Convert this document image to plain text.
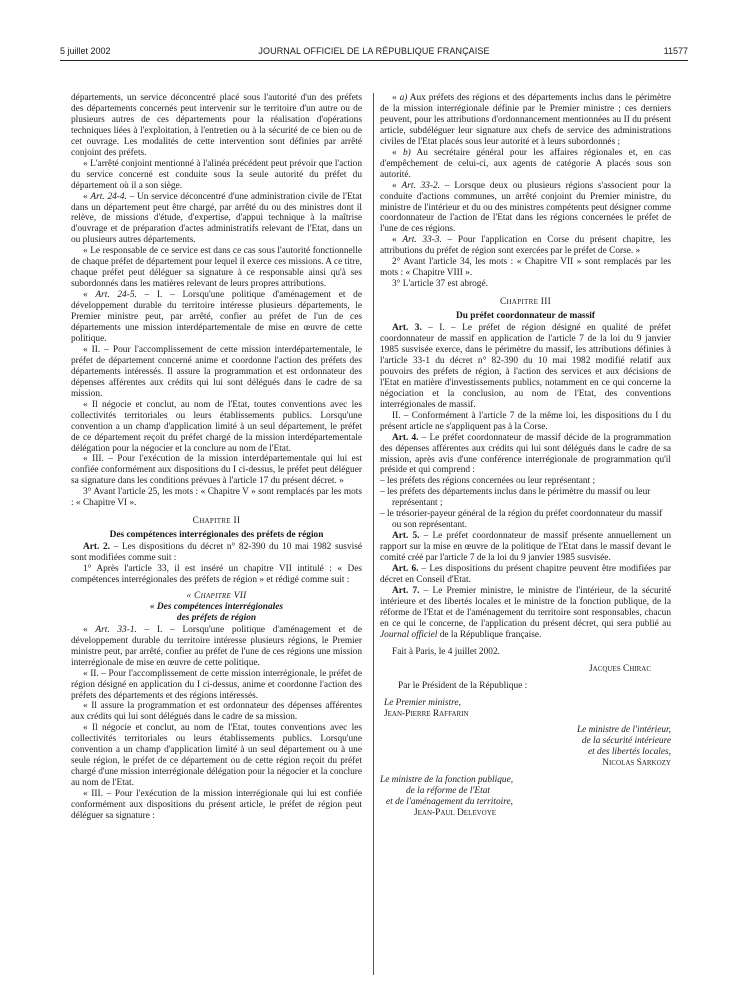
5 juillet 2002	JOURNAL OFFICIEL DE LA RÉPUBLIQUE FRANÇAISE	11577

départements, un service déconcentré placé sous l'autorité d'un des préfets des départements concernés peut intervenir sur le territoire d'un autre ou de plusieurs autres de ces départements pour la réalisation d'opérations techniques liées à l'exploitation, à l'entretien ou à la sécurité de ce bien ou de cet ouvrage. Les modalités de cette intervention sont définies par arrêté conjoint des préfets.

« L'arrêté conjoint mentionné à l'alinéa précédent peut prévoir que l'action du service concerné est conduite sous la seule autorité du préfet du département où il a son siège.

« Art. 24-4. – Un service déconcentré d'une administration civile de l'Etat dans un département peut être chargé, par arrêté du ou des ministres dont il relève, de missions d'étude, d'expertise, d'appui technique à la maîtrise d'ouvrage et de préparation d'actes administratifs relevant de l'Etat, dans un ou plusieurs autres départements.

« Le responsable de ce service est dans ce cas sous l'autorité fonctionnelle de chaque préfet de département pour lequel il exerce ces missions. A ce titre, chaque préfet peut déléguer sa signature à ce responsable ainsi qu'à ses subordonnés dans les matières relevant de leurs propres attributions.

« Art. 24-5. – I. – Lorsqu'une politique d'aménagement et de développement durable du territoire intéresse plusieurs départements, le Premier ministre peut, par arrêté, confier au préfet de l'un de ces départements une mission interdépartementale de mise en œuvre de cette politique.

« II. – Pour l'accomplissement de cette mission interdépartementale, le préfet de département concerné anime et coordonne l'action des préfets des départements intéressés. Il assure la programmation et est ordonnateur des dépenses afférentes aux crédits qui lui sont délégués dans le cadre de sa mission.

« Il négocie et conclut, au nom de l'Etat, toutes conventions avec les collectivités territoriales ou leurs établissements publics. Lorsqu'une convention a un champ d'application limité à un seul département, le préfet de ce département reçoit du préfet chargé de la mission interdépartementale délégation pour la négocier et la conclure au nom de l'Etat.

« III. – Pour l'exécution de la mission interdépartementale qui lui est confiée conformément aux dispositions du I ci-dessus, le préfet peut déléguer sa signature dans les conditions prévues à l'article 17 du présent décret. »

3° Avant l'article 25, les mots : « Chapitre V » sont remplacés par les mots : « Chapitre VI ».

Chapitre II
Des compétences interrégionales des préfets de région

Art. 2. – Les dispositions du décret n° 82-390 du 10 mai 1982 susvisé sont modifiées comme suit :

1° Après l'article 33, il est inséré un chapitre VII intitulé : « Des compétences interrégionales des préfets de région » et rédigé comme suit :

« Chapitre VII
« Des compétences interrégionales
des préfets de région

« Art. 33-1. – I. – Lorsqu'une politique d'aménagement et de développement durable du territoire intéresse plusieurs régions, le Premier ministre peut, par arrêté, confier au préfet de l'une de ces régions une mission interrégionale de mise en œuvre de cette politique.

« II. – Pour l'accomplissement de cette mission interrégionale, le préfet de région désigné en application du I ci-dessus, anime et coordonne l'action des préfets des départements et des régions intéressés.

« Il assure la programmation et est ordonnateur des dépenses afférentes aux crédits qui lui sont délégués dans le cadre de sa mission.

« Il négocie et conclut, au nom de l'Etat, toutes conventions avec les collectivités territoriales ou leurs établissements publics. Lorsqu'une convention a un champ d'application limité à un seul département ou à une seule région, le préfet de ce département ou de cette région reçoit du préfet chargé d'une mission interrégionale délégation pour la négocier et la conclure au nom de l'Etat.

« III. – Pour l'exécution de la mission interrégionale qui lui est confiée conformément aux dispositions du présent article, le préfet de région peut déléguer sa signature :

« a) Aux préfets des régions et des départements inclus dans le périmètre de la mission interrégionale définie par le Premier ministre ; ces derniers peuvent, pour les attributions d'ordonnancement mentionnées au II du présent article, subdéléguer leur signature aux chefs de service des administrations civiles de l'Etat placés sous leur autorité et à leurs subordonnés ;

« b) Au secrétaire général pour les affaires régionales et, en cas d'empêchement de celui-ci, aux agents de catégorie A placés sous son autorité.

« Art. 33-2. – Lorsque deux ou plusieurs régions s'associent pour la conduite d'actions communes, un arrêté conjoint du Premier ministre, du ministre de l'intérieur et du ou des ministres compétents peut désigner comme coordonnateur de l'action de l'Etat dans les régions concernées le préfet de l'une de ces régions.

« Art. 33-3. – Pour l'application en Corse du présent chapitre, les attributions du préfet de région sont exercées par le préfet de Corse. »

2° Avant l'article 34, les mots : « Chapitre VII » sont remplacés par les mots : « Chapitre VIII ».

3° L'article 37 est abrogé.

Chapitre III
Du préfet coordonnateur de massif

Art. 3. – I. – Le préfet de région désigné en qualité de préfet coordonnateur de massif en application de l'article 7 de la loi du 9 janvier 1985 susvisée exerce, dans le périmètre du massif, les attributions définies à l'article 33-1 du décret n° 82-390 du 10 mai 1982 modifié relatif aux pouvoirs des préfets de région, à l'action des services et aux décisions de l'Etat en matière d'investissements publics, notamment en ce qui concerne la négociation et la conclusion, au nom de l'Etat, des conventions interrégionales de massif.

II. – Conformément à l'article 7 de la même loi, les dispositions du I du présent article ne s'appliquent pas à la Corse.

Art. 4. – Le préfet coordonnateur de massif décide de la programmation des dépenses afférentes aux crédits qui lui sont délégués dans le cadre de sa mission, après avis d'une conférence interrégionale de programmation qu'il préside et qui comprend :

– les préfets des régions concernées ou leur représentant ;
– les préfets des départements inclus dans le périmètre du massif ou leur représentant ;
– le trésorier-payeur général de la région du préfet coordonnateur du massif ou son représentant.

Art. 5. – Le préfet coordonnateur de massif présente annuellement un rapport sur la mise en œuvre de la politique de l'Etat dans le massif devant le comité créé par l'article 7 de la loi du 9 janvier 1985 susvisée.

Art. 6. – Les dispositions du présent chapitre peuvent être modifiées par décret en Conseil d'Etat.

Art. 7. – Le Premier ministre, le ministre de l'intérieur, de la sécurité intérieure et des libertés locales et le ministre de la fonction publique, de la réforme de l'Etat et de l'aménagement du territoire sont responsables, chacun en ce qui le concerne, de l'application du présent décret, qui sera publié au Journal officiel de la République française.

Fait à Paris, le 4 juillet 2002.

Jacques Chirac

Par le Président de la République :

Le Premier ministre,
Jean-Pierre Raffarin
Le ministre de l'intérieur,
de la sécurité intérieure
et des libertés locales,
Nicolas Sarkozy
Le ministre de la fonction publique,
de la réforme de l'Etat
et de l'aménagement du territoire,
Jean-Paul Delevoye
